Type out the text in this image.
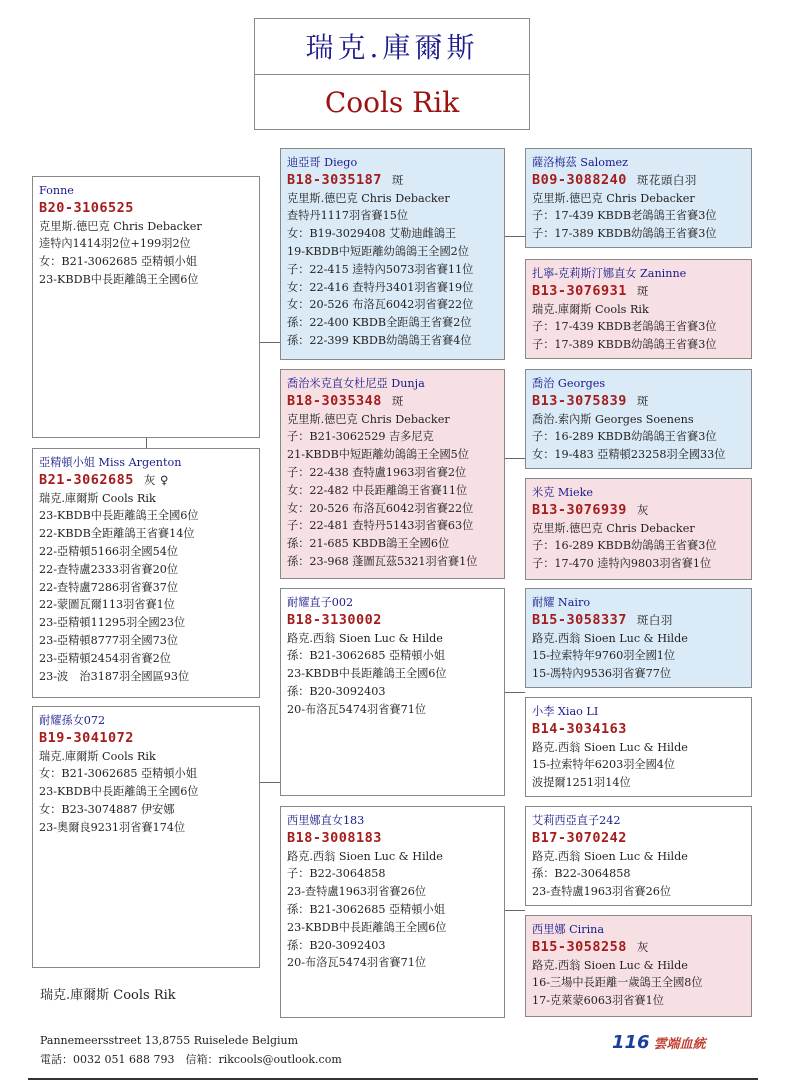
瑞克.庫爾斯
Cools Rik
Fonne
B20-3106525
克里斯.德巴克 Chris Debacker
逵特內1414羽2位+199羽2位
女：B21-3062685 亞精頓小姐
23-KBDB中長距離鴿王全國6位
亞精頓小姐 Miss Argenton
B21-3062685 灰 ♀
瑞克.庫爾斯 Cools Rik
23-KBDB中長距離鴿王全國6位
22-KBDB全距離鴿王省賽14位
22-亞精頓5166羽全國54位
22-查特盧2333羽省賽20位
22-查特盧7286羽省賽37位
22-蒙圖瓦爾113羽省賽1位
23-亞精頓11295羽全國23位
23-亞精頓8777羽全國73位
23-亞精頓2454羽省賽2位
23-波　治3187羽全國區93位
耐耀孫女072
B19-3041072
瑞克.庫爾斯 Cools Rik
女：B21-3062685 亞精頓小姐
23-KBDB中長距離鴿王全國6位
女：B23-3074887 伊安娜
23-奧爾良9231羽省賽174位
迪亞哥 Diego
B18-3035187 斑
克里斯.德巴克 Chris Debacker
查特丹1117羽省賽15位
女：B19-3029408 艾勒迪雌鴿王
19-KBDB中短距離幼鴿鴿王全國2位
子：22-415 逵特內5073羽省賽11位
女：22-416 查特丹3401羽省賽19位
女：20-526 布洛瓦6042羽省賽22位
孫：22-400 KBDB全距鴿王省賽2位
孫：22-399 KBDB幼鴿鴿王省賽4位
喬治米克直女杜尼亞 Dunja
B18-3035348 斑
克里斯.德巴克 Chris Debacker
子：B21-3062529 吉多尼克
21-KBDB中短距離幼鴿鴿王全國5位
子：22-438 查特盧1963羽省賽2位
女：22-482 中長距離鴿王省賽11位
女：20-526 布洛瓦6042羽省賽22位
子：22-481 查特丹5143羽省賽63位
孫：21-685 KBDB鴿王全國6位
孫：23-968 蓬圖瓦茲5321羽省賽1位
耐耀直子002
B18-3130002
路克.西翁 Sioen Luc & Hilde
孫：B21-3062685 亞精頓小姐
23-KBDB中長距離鴿王全國6位
孫：B20-3092403
20-布洛瓦5474羽省賽71位
西里娜直女183
B18-3008183
路克.西翁 Sioen Luc & Hilde
子：B22-3064858
23-查特盧1963羽省賽26位
孫：B21-3062685 亞精頓小姐
23-KBDB中長距離鴿王全國6位
孫：B20-3092403
20-布洛瓦5474羽省賽71位
薩洛梅茲 Salomez
B09-3088240 斑花頭白羽
克里斯.德巴克 Chris Debacker
子：17-439 KBDB老鴿鴿王省賽3位
子：17-389 KBDB幼鴿鴿王省賽3位
扎寧-克莉斯汀娜直女 Zaninne
B13-3076931 斑
瑞克.庫爾斯 Cools Rik
子：17-439 KBDB老鴿鴿王省賽3位
子：17-389 KBDB幼鴿鴿王省賽3位
喬治 Georges
B13-3075839 斑
喬治.索內斯 Georges Soenens
子：16-289 KBDB幼鴿鴿王省賽3位
女：19-483 亞精頓23258羽全國33位
米克 Mieke
B13-3076939 灰
克里斯.德巴克 Chris Debacker
子：16-289 KBDB幼鴿鴿王省賽3位
子：17-470 逵特內9803羽省賽1位
耐耀 Nairo
B15-3058337 斑白羽
路克.西翁 Sioen Luc & Hilde
15-拉索特年9760羽全國1位
15-馮特內9536羽省賽77位
小李 Xiao LI
B14-3034163
路克.西翁 Sioen Luc & Hilde
15-拉索特年6203羽全國4位
波提爾1251羽14位
艾莉西亞直子242
B17-3070242
路克.西翁 Sioen Luc & Hilde
孫：B22-3064858
23-查特盧1963羽省賽26位
西里娜 Cirina
B15-3058258 灰
路克.西翁 Sioen Luc & Hilde
16-三場中長距離一歲鴿王全國8位
17-克萊蒙6063羽省賽1位
瑞克.庫爾斯 Cools Rik
Pannemeersstreet 13,8755 Ruiselede Belgium
電話：0032 051 688 793　信箱：rikcools@outlook.com
116 雲端血統
